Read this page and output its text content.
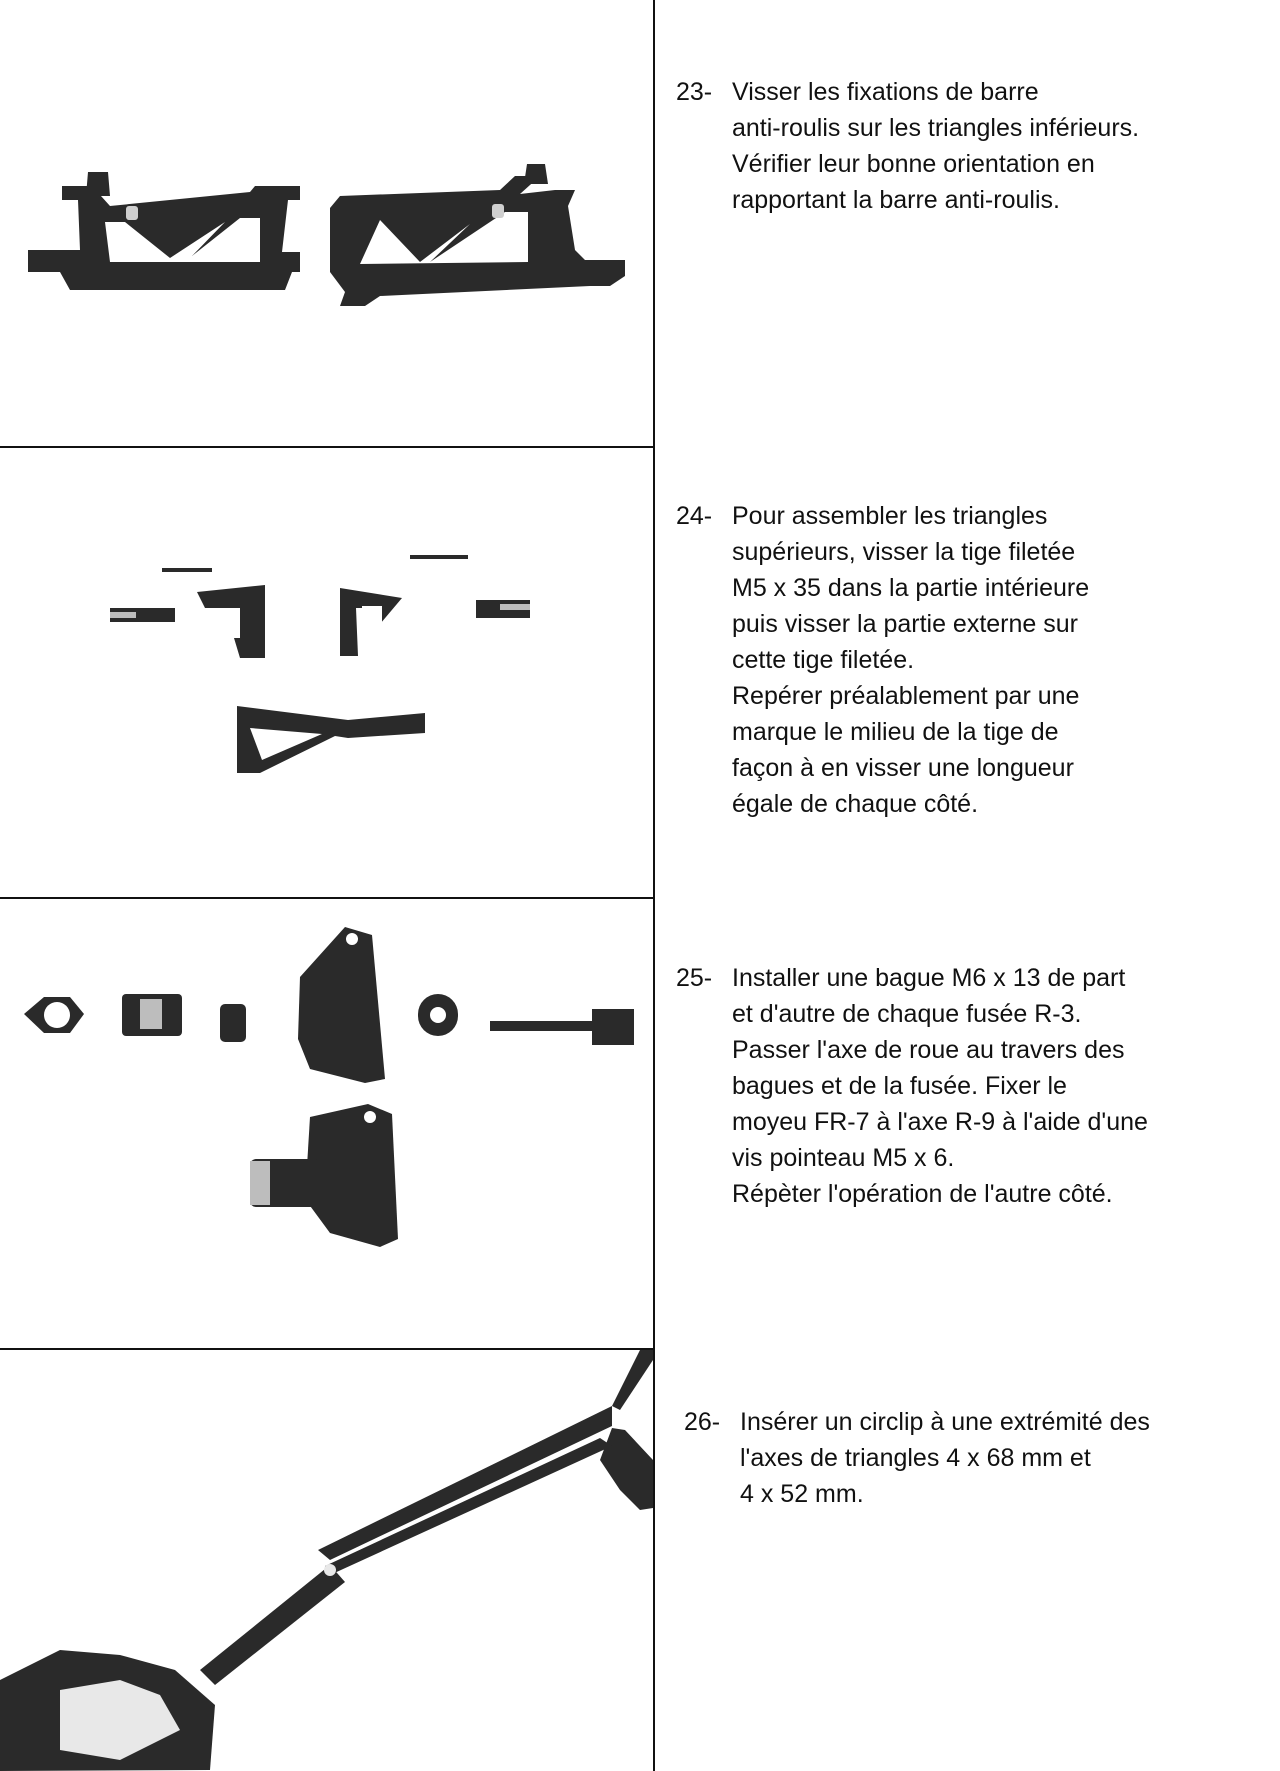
23- Visser les fixations de barre
anti-roulis sur les triangles inférieurs.
Vérifier leur bonne orientation en
rapportant la barre anti-roulis.
24- Pour assembler les triangles
supérieurs, visser la tige filetée
M5 x 35 dans la partie intérieure
puis visser la partie externe sur
cette tige filetée.
Repérer préalablement par une
marque le milieu de la tige de
façon à en visser une longueur
égale de chaque côté.
25- Installer une bague M6 x 13 de part
et d'autre de chaque fusée R-3.
Passer l'axe de roue au travers des
bagues et de la fusée. Fixer le
moyeu FR-7 à l'axe R-9 à l'aide d'une
vis pointeau M5 x 6.
Répèter l'opération de l'autre côté.
26- Insérer un circlip à une extrémité des
l'axes de triangles 4 x 68 mm et
4 x 52 mm.
